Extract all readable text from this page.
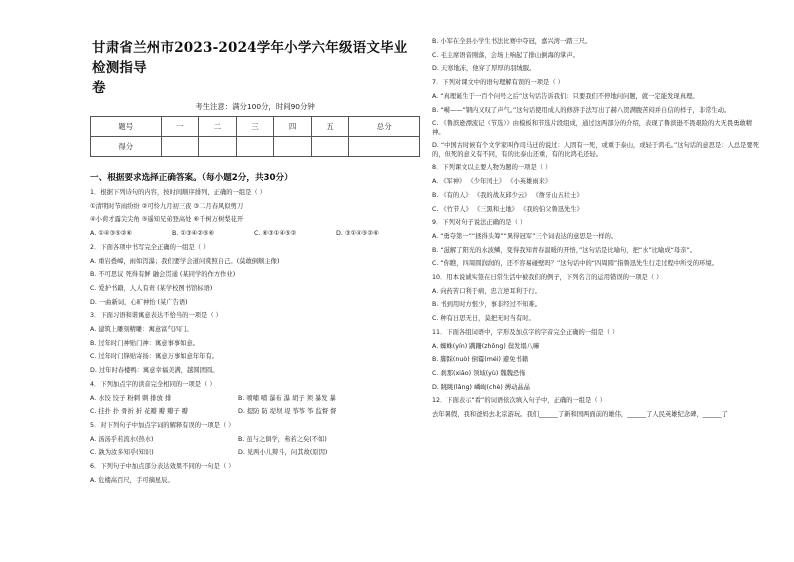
甘肃省兰州市2023-2024学年小学六年级语文毕业检测指导
卷
考生注意：满分100分，时间90分钟
题号	一	二	三	四	五	总分
得分						
一、根据要求选择正确答案。（每小题2分，共30分）
1．根据下列诗句的内容，按时间顺序排列，正确的一组是（ ）
①清明时节雨纷纷 ②可怜九月初三夜 ③二月春风似剪刀
④小荷才露尖尖角 ⑤遥知兄弟登高处 ⑥千树万树梨花开
A. ①④③⑤②⑥	B. ①③④②⑤⑥	C. ⑥③①④⑤②	D. ③①④⑤②⑥
2．下面各项中书写完全正确的一组是（ ）
A. 重岩叠嶂，雨如泻瀑；我们要学会道问赏照自己。(莫敢倒顺主像)
B. 不可思议 死得有鲜 融会贯通 (某同学的作方作业)
C. 爱护书籍，人人有责 (某学校图书馆标语)
D. 一曲新词，心旷神怡 (某广告语)
3．下面习语和谐寓意表达不恰当的一项是（ ）
A. 建筑上雕刻精雕：寓意富气四门。
B. 过年时门神贴门神：寓意事事如意。
C. 过年时门锋贴寄扬：寓意万事如意年年有。
D. 过年时春楼鸭：寓意幸福美满，越圆团圆。
4．下列加点字的读音完全相同的一项是（ ）
A. 水饺 饺子 粉刺 刺 排放 排	B. 喷哺 哺 瀑布 瀑 胡子 须 暴发 暴
C. 挂扑 扑 骨折 折 花瓣 瓣 瓣子 瓣	D. 提防 防 堤坝 堤 筝筝 筝 监督 督
5．对下列句子中加点字词的解释有误的一项是（ ）
A. 汤汤乎若流水(热水)	B. 虽与之俱学，弗若之矣(不如)
C. 孰为汝多知乎(知识)	D. 见两小儿辩斗，问其故(原因)
6．下列句子中加点部分表达效果不同的一句是（ ）
A. 危楼高百尺，手可摘星辰。
B. 小军在全县小学生书法比赛中夺冠，嘉兴湾一踏三尺。
C. 毛主席语音刚落，会场上响起了排山倒海的掌声。
D. 天寒地冻，他穿了厚厚的羽绒服。
7．下列对课文中的语句理解有误的一项是（ ）
A. “真理诞生于一百个问号之后”这句话告诉我们：只要我们不停地问问题，就一定能发现真理。
B. “嗬——”钢内又叹了声气。”这句话使用成人的修辞手法写出了赫八贺满腹苦闷并自信的样子，非常生动。
C. 《鲁滨逊漂流记（节选）》由模板和节选片段组成，通过这两部分的介绍，表现了鲁滨逊不畏艰险的大无畏勇敢精神。
D. “中国古时候有个文学家叫作司马迁的说过：人固有一死，或重于泰山，或轻于鸿毛。”这句话的意思是：人总是要死的，但死的意义有不同，有的比泰山还重，有的比鸿毛还轻。
8．下列课文以主要人物为题的一项是（ ）
A. 《军神》 《少年闰土》 《小英雄雨来》
B. 《有的人》 《我的战友邱少云》 《詹牙山五壮士》
C. 《竹节人》 《三黑和土地》 《我的伯父鲁迅先生》
9．下列对句子说法正确的是（ ）
A. “勇夺第一”“拯得头筹”“異得冠军”三个词表达的意思是一样的。
B. “滋解了阳光的水波鳞，变得我知青春温暖的开悟，”这句话是比喻句，把“水”比喻成“母亲”。
C. “你瞧，四周圆润润的，还不容易碰壁吗？”这句话中的“四周圆”指鲁迅先生行走过程中所受的环境。
10．用本说诚实签在日常生活中被我们的例子，下列名言的运用错误的一项是（ ）
A. 向药苦口利于病，忠言逆耳利于行。
B. 书到用时方恨少，事非经过不知难。
C. 种有日思无日，莫把无时当有时。
11．下面各组词语中，字形及加点字的字音完全正确的一组是（ ）
A. 蜘蛛(yín) 蹒跚(zhōng) 鬓发塌八嘛
B. 脚踩(nuò) 倒霉(méi) 避免书籍
C. 刹那(xiāo) 领域(yù) 魏魏恐怖
D. 眺眺(lǎng) 嶙峋(chè) 搏动晶晶
12．下面表示“看”的词语依次填入句子中，正确的一组是（ ）
去年暑假，我和爸妈去北京游玩。我们______了新和国两面前的雄伟，______了人民英雄纪念碑，______了
